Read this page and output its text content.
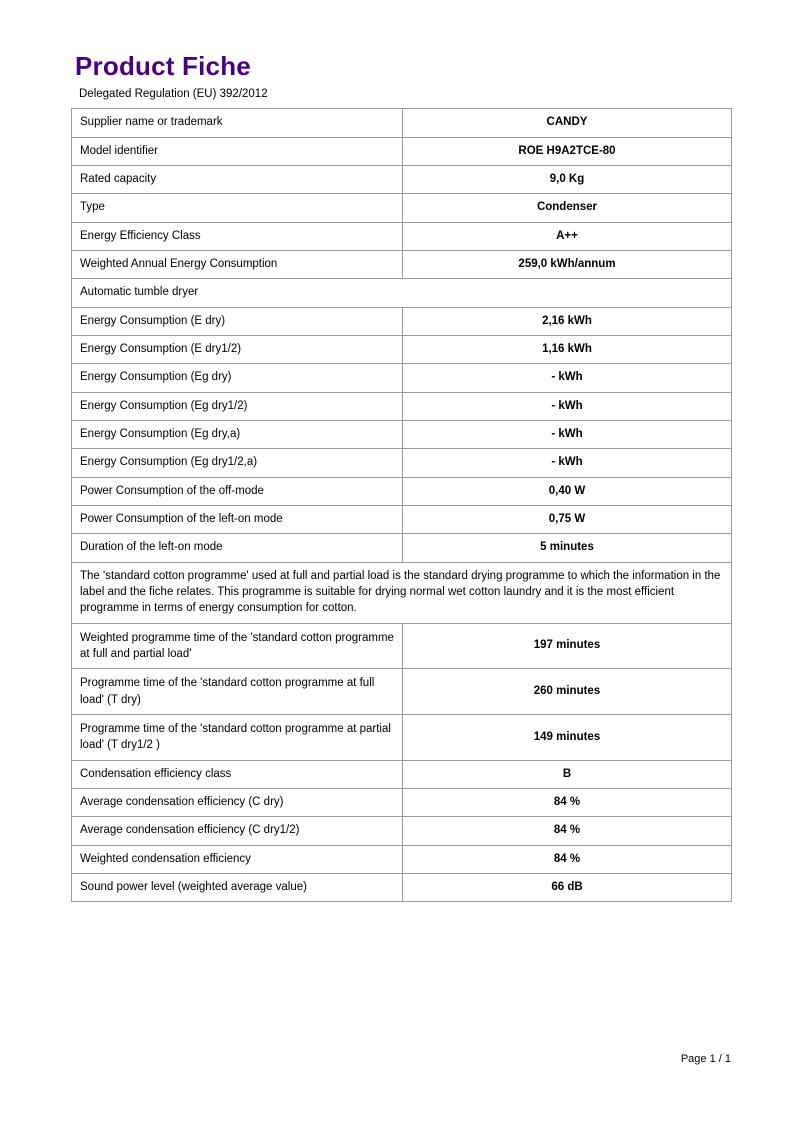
Product Fiche
Delegated Regulation (EU) 392/2012
Supplier name or trademark	CANDY
Model identifier	ROE H9A2TCE-80
Rated capacity	9,0 Kg
Type	Condenser
Energy Efficiency Class	A++
Weighted Annual Energy Consumption	259,0 kWh/annum
Automatic tumble dryer	
Energy Consumption (E dry)	2,16 kWh
Energy Consumption (E dry1/2)	1,16 kWh
Energy Consumption (Eg dry)	- kWh
Energy Consumption (Eg dry1/2)	- kWh
Energy Consumption (Eg dry,a)	- kWh
Energy Consumption (Eg dry1/2,a)	- kWh
Power Consumption of the off-mode	0,40 W
Power Consumption of the left-on mode	0,75 W
Duration of the left-on mode	5 minutes
The 'standard cotton programme' used at full and partial load is the standard drying programme to which the information in the label and the fiche relates. This programme is suitable for drying normal wet cotton laundry and it is the most efficient programme in terms of energy consumption for cotton.	
Weighted programme time of the 'standard cotton programme at full and partial load'	197 minutes
Programme time of the 'standard cotton programme at full load' (T dry)	260 minutes
Programme time of the 'standard cotton programme at partial load' (T dry1/2 )	149 minutes
Condensation efficiency class	B
Average condensation efficiency (C dry)	84 %
Average condensation efficiency (C dry1/2)	84 %
Weighted condensation efficiency	84 %
Sound power level (weighted average value)	66 dB
Page 1 / 1
